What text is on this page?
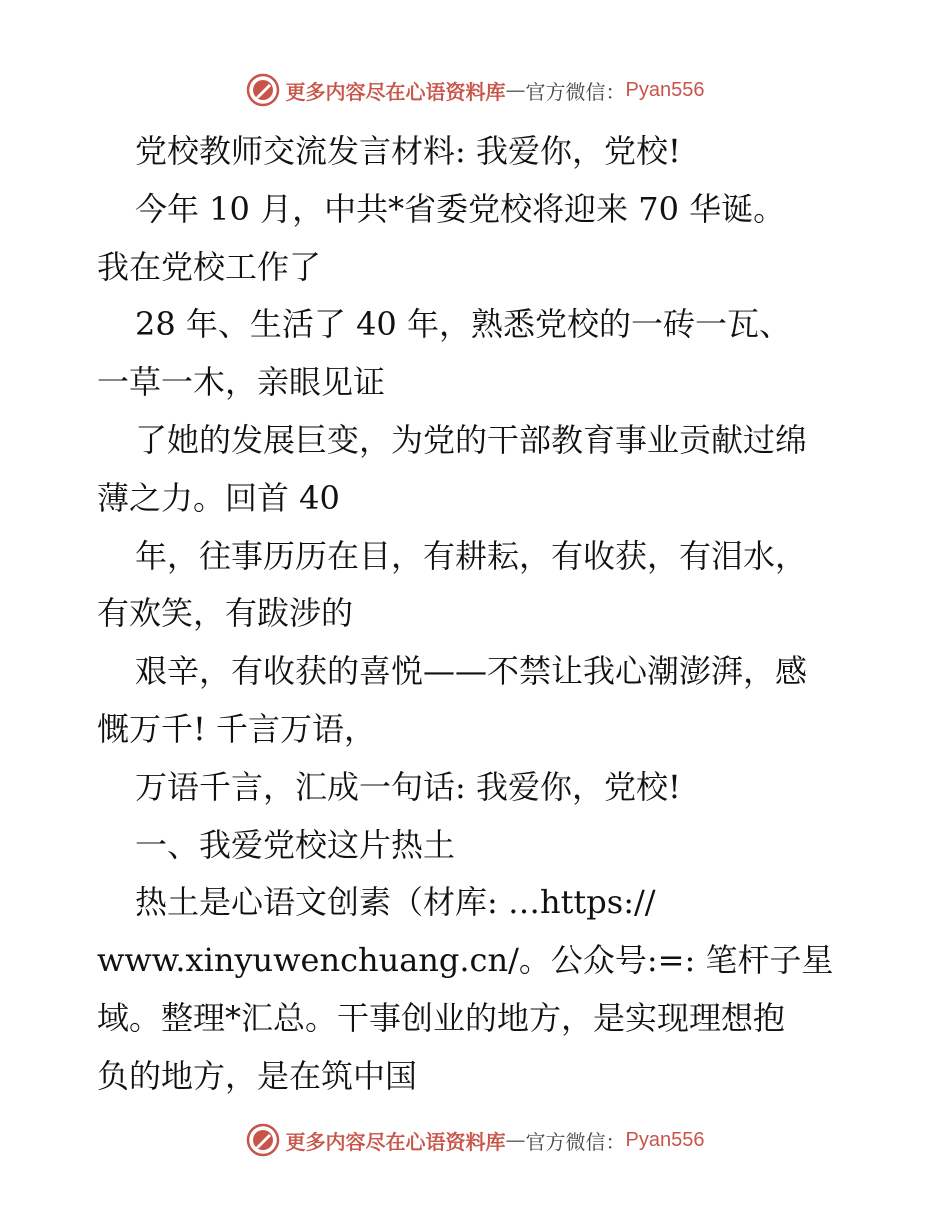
更多内容尽在心语资料库 — 官方微信： Pyan556
党校教师交流发言材料: 我爱你，党校!
今年 10 月，中共*省委党校将迎来 70 华诞。
我在党校工作了
28 年、生活了 40 年，熟悉党校的一砖一瓦、
一草一木，亲眼见证
了她的发展巨变，为党的干部教育事业贡献过绵
薄之力。回首 40
年，往事历历在目，有耕耘，有收获，有泪水，
有欢笑，有跋涉的
艰辛，有收获的喜悦——不禁让我心潮澎湃，感
慨万千! 千言万语，
万语千言，汇成一句话: 我爱你，党校!
一、我爱党校这片热土
热土是心语文创素（材库: …https://
www.xinyuwenchuang.cn/。公众号:=: 笔杆子星
域。整理*汇总。干事创业的地方，是实现理想抱
负的地方，是在筑中国
更多内容尽在心语资料库 — 官方微信： Pyan556
